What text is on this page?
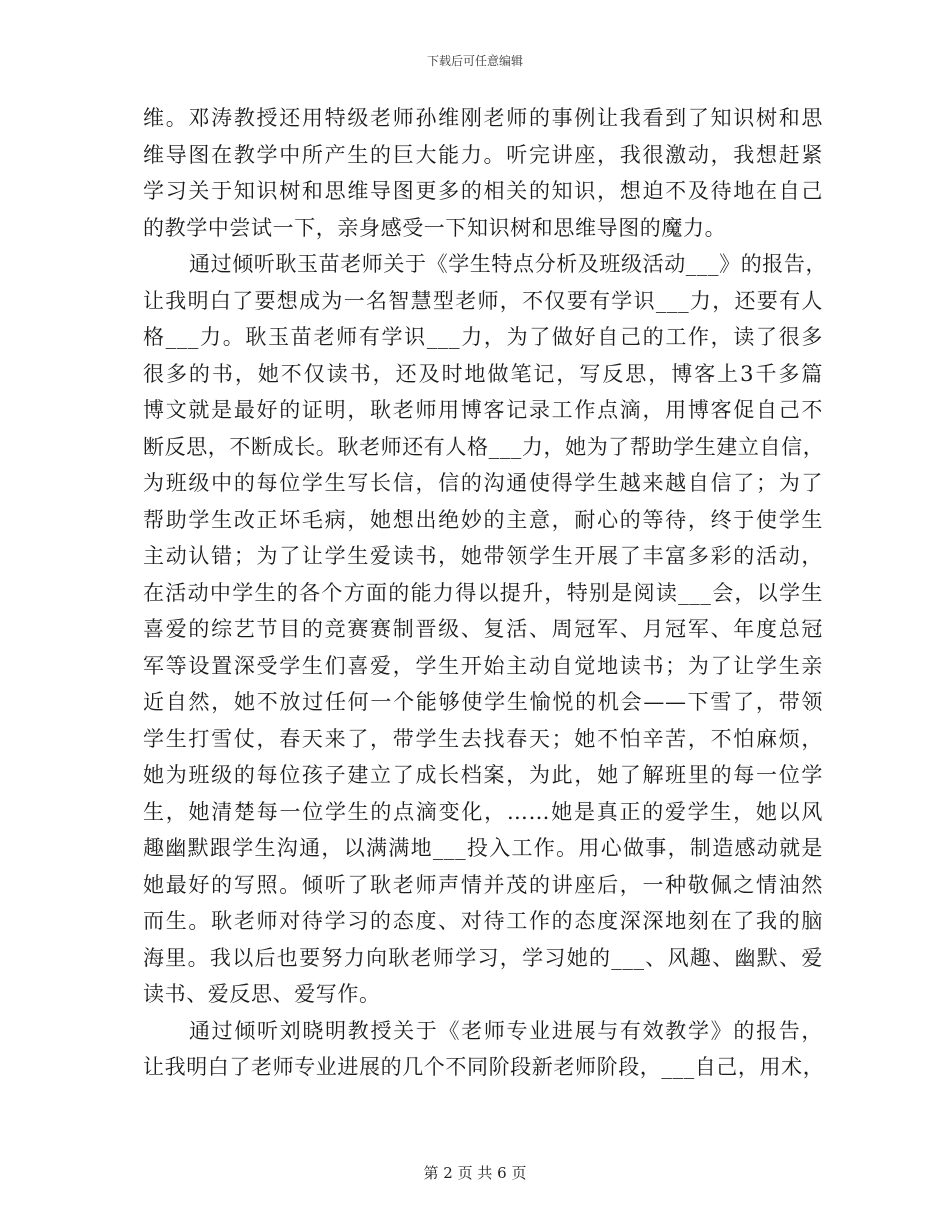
下载后可任意编辑
维。邓涛教授还用特级老师孙维刚老师的事例让我看到了知识树和思
维导图在教学中所产生的巨大能力。听完讲座，我很激动，我想赶紧
学习关于知识树和思维导图更多的相关的知识，想迫不及待地在自己
的教学中尝试一下，亲身感受一下知识树和思维导图的魔力。
通过倾听耿玉苗老师关于《学生特点分析及班级活动___》的报告，
让我明白了要想成为一名智慧型老师，不仅要有学识___力，还要有人
格___力。耿玉苗老师有学识___力，为了做好自己的工作，读了很多
很多的书，她不仅读书，还及时地做笔记，写反思，博客上3千多篇
博文就是最好的证明，耿老师用博客记录工作点滴，用博客促自己不
断反思，不断成长。耿老师还有人格___力，她为了帮助学生建立自信，
为班级中的每位学生写长信，信的沟通使得学生越来越自信了；为了
帮助学生改正坏毛病，她想出绝妙的主意，耐心的等待，终于使学生
主动认错；为了让学生爱读书，她带领学生开展了丰富多彩的活动，
在活动中学生的各个方面的能力得以提升，特别是阅读___会，以学生
喜爱的综艺节目的竞赛赛制晋级、复活、周冠军、月冠军、年度总冠
军等设置深受学生们喜爱，学生开始主动自觉地读书；为了让学生亲
近自然，她不放过任何一个能够使学生愉悦的机会——下雪了，带领
学生打雪仗，春天来了，带学生去找春天；她不怕辛苦，不怕麻烦，
她为班级的每位孩子建立了成长档案，为此，她了解班里的每一位学
生，她清楚每一位学生的点滴变化，……她是真正的爱学生，她以风
趣幽默跟学生沟通，以满满地___投入工作。用心做事，制造感动就是
她最好的写照。倾听了耿老师声情并茂的讲座后，一种敬佩之情油然
而生。耿老师对待学习的态度、对待工作的态度深深地刻在了我的脑
海里。我以后也要努力向耿老师学习，学习她的___、风趣、幽默、爱
读书、爱反思、爱写作。
通过倾听刘晓明教授关于《老师专业进展与有效教学》的报告，
让我明白了老师专业进展的几个不同阶段新老师阶段，___自己，用术，
第 2 页 共 6 页
